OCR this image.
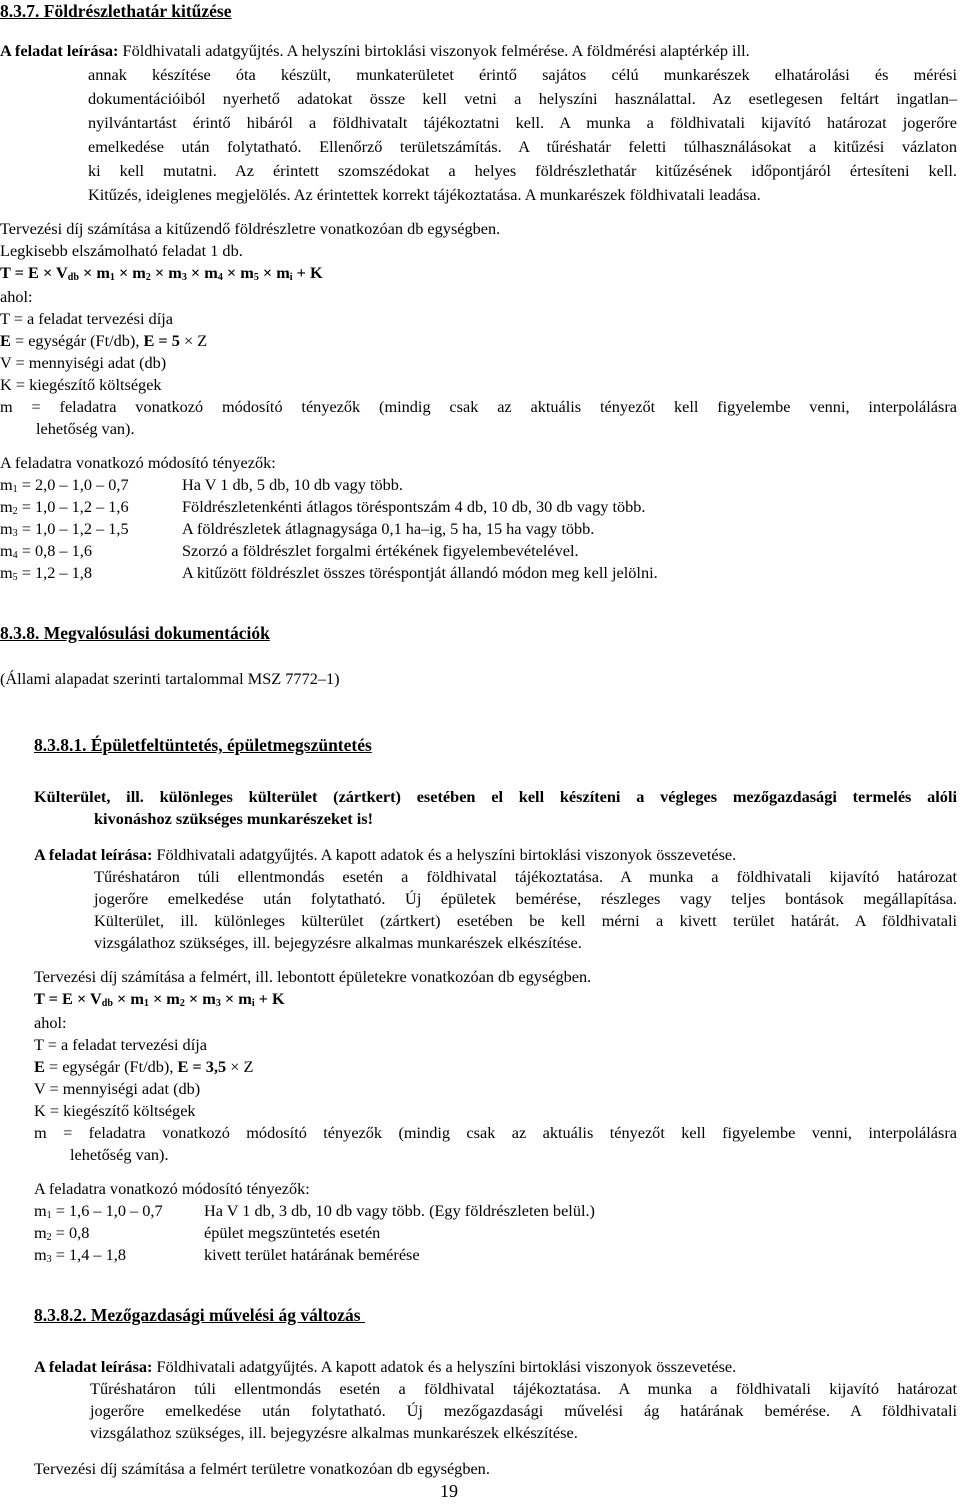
8.3.7. Földrészlethatár kitűzése
A feladat leírása: Földhivatali adatgyűjtés. A helyszíni birtoklási viszonyok felmérése. A földmérési alaptérkép ill.
annak készítése óta készült, munkaterületet érintő sajátos célú munkarészek elhatárolási és mérési
dokumentációiból nyerhető adatokat össze kell vetni a helyszíni használattal. Az esetlegesen feltárt ingatlan–
nyilvántartást érintő hibáról a földhivatalt tájékoztatni kell. A munka a földhivatali kijavító határozat jogerőre
emelkedése után folytatható. Ellenőrző területszámítás. A tűréshatár feletti túlhasználásokat a kitűzési vázlaton
ki kell mutatni. Az érintett szomszédokat a helyes földrészlethatár kitűzésének időpontjáról értesíteni kell.
Kitűzés, ideiglenes megjelölés. Az érintettek korrekt tájékoztatása. A munkarészek földhivatali leadása.
Tervezési díj számítása a kitűzendő földrészletre vonatkozóan db egységben.
Legkisebb elszámolható feladat 1 db.
$T = E \times V_{db} \times m_1 \times m_2 \times m_3 \times m_4 \times m_5 \times m_i + K$
ahol:
T = a feladat tervezési díja
E = egységár (Ft/db), E = 5 × Z
V = mennyiségi adat (db)
K = kiegészítő költségek
m = feladatra vonatkozó módosító tényezők (mindig csak az aktuális tényezőt kell figyelembe venni, interpolálásra
lehetőség van).
A feladatra vonatkozó módosító tényezők:
$m_1 = 2,0 - 1,0 - 0,7$	Ha V 1 db, 5 db, 10 db vagy több.
$m_2 = 1,0 - 1,2 - 1,6$	Földrészletenkénti átlagos töréspontszám 4 db, 10 db, 30 db vagy több.
$m_3 = 1,0 - 1,2 - 1,5$	A földrészletek átlagnagysága 0,1 ha–ig, 5 ha, 15 ha vagy több.
$m_4 = 0,8 - 1,6$	Szorzó a földrészlet forgalmi értékének figyelembevételével.
$m_5 = 1,2 - 1,8$	A kitűzött földrészlet összes töréspontját állandó módon meg kell jelölni.
8.3.8. Megvalósulási dokumentációk
(Állami alapadat szerinti tartalommal MSZ 7772–1)
8.3.8.1. Épületfeltüntetés, épületmegszüntetés
Külterület, ill. különleges külterület (zártkert) esetében el kell készíteni a végleges mezőgazdasági termelés alóli
kivonáshoz szükséges munkarészeket is!
A feladat leírása: Földhivatali adatgyűjtés. A kapott adatok és a helyszíni birtoklási viszonyok összevetése.
Tűréshatáron túli ellentmondás esetén a földhivatal tájékoztatása. A munka a földhivatali kijavító határozat
jogerőre emelkedése után folytatható. Új épületek bemérése, részleges vagy teljes bontások megállapítása.
Külterület, ill. különleges külterület (zártkert) esetében be kell mérni a kivett terület határát. A földhivatali
vizsgálathoz szükséges, ill. bejegyzésre alkalmas munkarészek elkészítése.
Tervezési díj számítása a felmért, ill. lebontott épületekre vonatkozóan db egységben.
$T = E \times V_{db} \times m_1 \times m_2 \times m_3 \times m_i + K$
ahol:
T = a feladat tervezési díja
E = egységár (Ft/db), E = 3,5 × Z
V = mennyiségi adat (db)
K = kiegészítő költségek
m = feladatra vonatkozó módosító tényezők (mindig csak az aktuális tényezőt kell figyelembe venni, interpolálásra
lehetőség van).
A feladatra vonatkozó módosító tényezők:
$m_1 = 1,6 - 1,0 - 0,7$	Ha V 1 db, 3 db, 10 db vagy több. (Egy földrészleten belül.)
$m_2 = 0,8$	épület megszüntetés esetén
$m_3 = 1,4 - 1,8$	kivett terület határának bemérése
8.3.8.2. Mezőgazdasági művelési ág változás
A feladat leírása: Földhivatali adatgyűjtés. A kapott adatok és a helyszíni birtoklási viszonyok összevetése.
Tűréshatáron túli ellentmondás esetén a földhivatal tájékoztatása. A munka a földhivatali kijavító határozat
jogerőre emelkedése után folytatható. Új mezőgazdasági művelési ág határának bemérése. A földhivatali
vizsgálathoz szükséges, ill. bejegyzésre alkalmas munkarészek elkészítése.
Tervezési díj számítása a felmért területre vonatkozóan db egységben.
19
